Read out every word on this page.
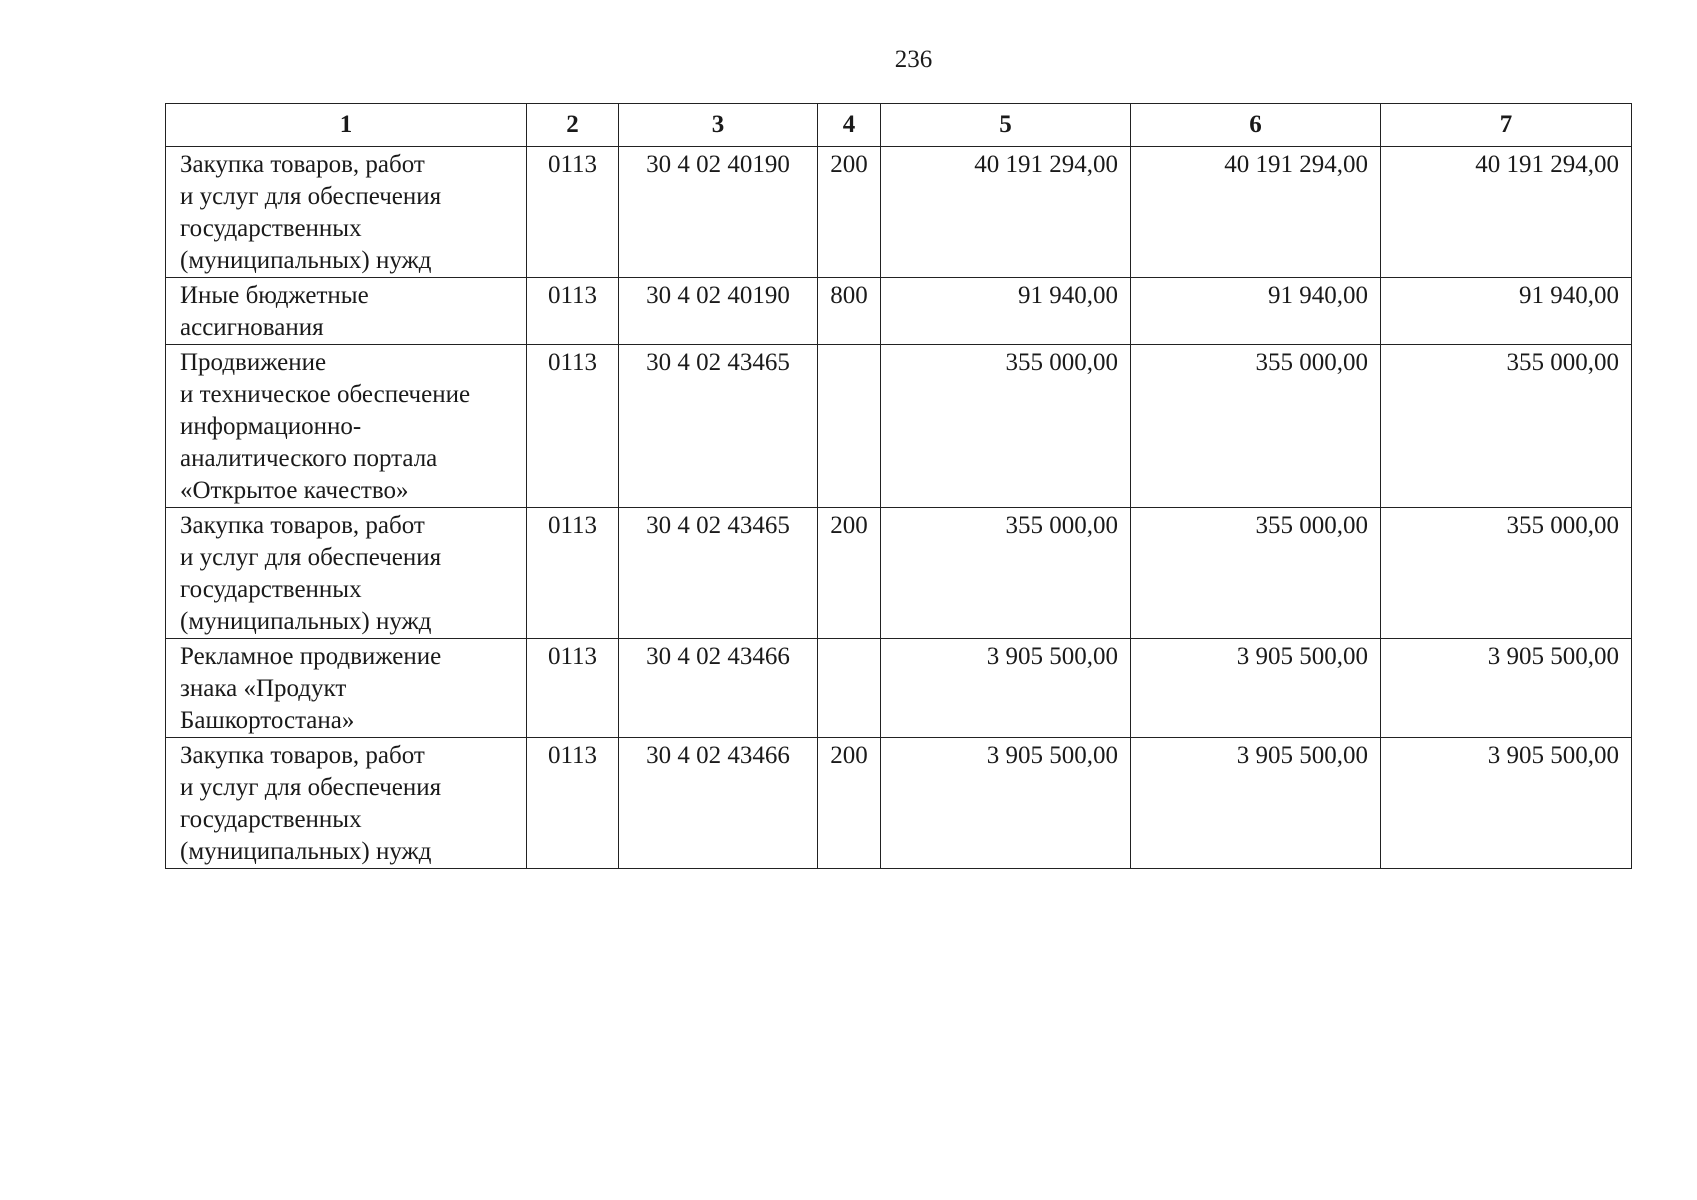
236
1	2	3	4	5	6	7

Закупка товаров, работ
и услуг для обеспечения
государственных
(муниципальных) нужд	0113	30 4 02 40190	200	40 191 294,00	40 191 294,00	40 191 294,00

Иные бюджетные
ассигнования	0113	30 4 02 40190	800	91 940,00	91 940,00	91 940,00

Продвижение
и техническое обеспечение
информационно-
аналитического портала
«Открытое качество»	0113	30 4 02 43465		355 000,00	355 000,00	355 000,00

Закупка товаров, работ
и услуг для обеспечения
государственных
(муниципальных) нужд	0113	30 4 02 43465	200	355 000,00	355 000,00	355 000,00

Рекламное продвижение
знака «Продукт
Башкортостана»	0113	30 4 02 43466		3 905 500,00	3 905 500,00	3 905 500,00

Закупка товаров, работ
и услуг для обеспечения
государственных
(муниципальных) нужд	0113	30 4 02 43466	200	3 905 500,00	3 905 500,00	3 905 500,00
